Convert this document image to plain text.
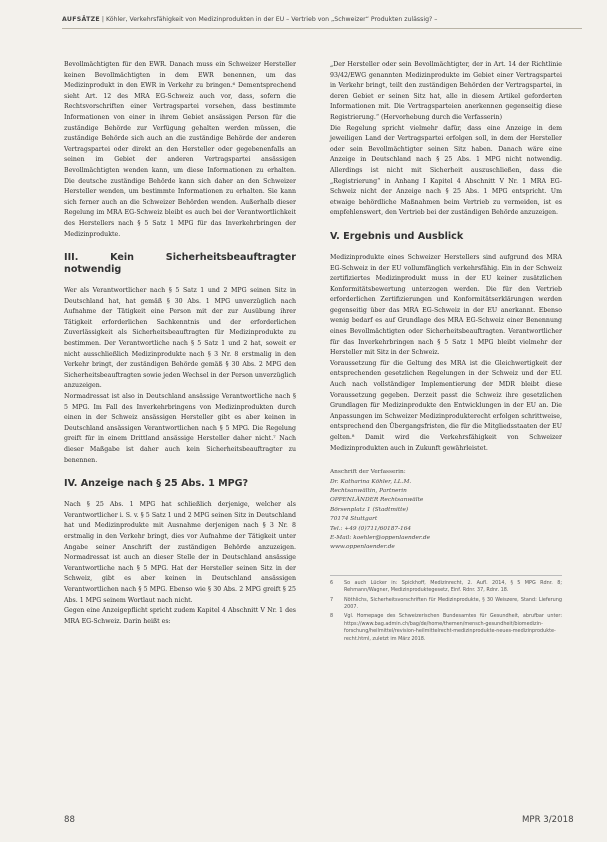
AUFSÄTZE | Köhler, Verkehrsfähigkeit von Medizinprodukten in der EU – Vertrieb von „Schweizer“ Produkten zulässig? –

Bevollmächtigten für den EWR. Danach muss ein Schweizer Hersteller keinen Bevollmächtigten in dem EWR benennen, um das Medizinprodukt in den EWR in Verkehr zu bringen.⁶ Dementsprechend sieht Art. 12 des MRA EG-Schweiz auch vor, dass, sofern die Rechtsvorschriften einer Vertragspartei vorsehen, dass bestimmte Informationen von einer in ihrem Gebiet ansässigen Person für die zuständige Behörde zur Verfügung gehalten werden müssen, die zuständige Behörde sich auch an die zuständige Behörde der anderen Vertragspartei oder direkt an den Hersteller oder gegebenenfalls an seinen im Gebiet der anderen Vertragspartei ansässigen Bevollmächtigten wenden kann, um diese Informationen zu erhalten. Die deutsche zuständige Behörde kann sich daher an den Schweizer Hersteller wenden, um bestimmte Informationen zu erhalten. Sie kann sich ferner auch an die Schweizer Behörden wenden. Außerhalb dieser Regelung im MRA EG-Schweiz bleibt es auch bei der Verantwortlichkeit des Herstellers nach § 5 Satz 1 MPG für das Inverkehrbringen der Medizinprodukte.

III. Kein Sicherheitsbeauftragter notwendig

Wer als Verantwortlicher nach § 5 Satz 1 und 2 MPG seinen Sitz in Deutschland hat, hat gemäß § 30 Abs. 1 MPG unverzüglich nach Aufnahme der Tätigkeit eine Person mit der zur Ausübung ihrer Tätigkeit erforderlichen Sachkenntnis und der erforderlichen Zuverlässigkeit als Sicherheitsbeauftragten für Medizinprodukte zu bestimmen. Der Verantwortliche nach § 5 Satz 1 und 2 hat, soweit er nicht ausschließlich Medizinprodukte nach § 3 Nr. 8 erstmalig in den Verkehr bringt, der zuständigen Behörde gemäß § 30 Abs. 2 MPG den Sicherheitsbeauftragten sowie jeden Wechsel in der Person unverzüglich anzuzeigen.

Normadressat ist also in Deutschland ansässige Verantwortliche nach § 5 MPG. Im Fall des Inverkehrbringens von Medizinprodukten durch einen in der Schweiz ansässigen Hersteller gibt es aber keinen in Deutschland ansässigen Verantwortlichen nach § 5 MPG. Die Regelung greift für in einem Drittland ansässige Hersteller daher nicht.⁷ Nach dieser Maßgabe ist daher auch kein Sicherheitsbeauftragter zu benennen.

IV. Anzeige nach § 25 Abs. 1 MPG?

Nach § 25 Abs. 1 MPG hat schließlich derjenige, welcher als Verantwortlicher i. S. v. § 5 Satz 1 und 2 MPG seinen Sitz in Deutschland hat und Medizinprodukte mit Ausnahme derjenigen nach § 3 Nr. 8 erstmalig in den Verkehr bringt, dies vor Aufnahme der Tätigkeit unter Angabe seiner Anschrift der zuständigen Behörde anzuzeigen. Normadressat ist auch an dieser Stelle der in Deutschland ansässige Verantwortliche nach § 5 MPG. Hat der Hersteller seinen Sitz in der Schweiz, gibt es aber keinen in Deutschland ansässigen Verantwortlichen nach § 5 MPG. Ebenso wie § 30 Abs. 2 MPG greift § 25 Abs. 1 MPG seinem Wortlaut nach nicht.

Gegen eine Anzeigepflicht spricht zudem Kapitel 4 Abschnitt V Nr. 1 des MRA EG-Schweiz. Darin heißt es:

„Der Hersteller oder sein Bevollmächtigter, der in Art. 14 der Richtlinie 93/42/EWG genannten Medizinprodukte im Gebiet einer Vertragspartei in Verkehr bringt, teilt den zuständigen Behörden der Vertragspartei, in deren Gebiet er seinen Sitz hat, alle in diesem Artikel geforderten Informationen mit. Die Vertragsparteien anerkennen gegenseitig diese Registrierung.“ (Hervorhebung durch die Verfasserin)

Die Regelung spricht vielmehr dafür, dass eine Anzeige in dem jeweiligen Land der Vertragspartei erfolgen soll, in dem der Hersteller oder sein Bevollmächtigter seinen Sitz haben. Danach wäre eine Anzeige in Deutschland nach § 25 Abs. 1 MPG nicht notwendig. Allerdings ist nicht mit Sicherheit auszuschließen, dass die „Registrierung“ in Anhang I Kapitel 4 Abschnitt V Nr. 1 MRA EG-Schweiz nicht der Anzeige nach § 25 Abs. 1 MPG entspricht. Um etwaige behördliche Maßnahmen beim Vertrieb zu vermeiden, ist es empfehlenswert, den Vertrieb bei der zuständigen Behörde anzuzeigen.

V. Ergebnis und Ausblick

Medizinprodukte eines Schweizer Herstellers sind aufgrund des MRA EG-Schweiz in der EU vollumfänglich verkehrsfähig. Ein in der Schweiz zertifiziertes Medizinprodukt muss in der EU keiner zusätzlichen Konformitätsbewertung unterzogen werden. Die für den Vertrieb erforderlichen Zertifizierungen und Konformitätserklärungen werden gegenseitig über das MRA EG-Schweiz in der EU anerkannt. Ebenso wenig bedarf es auf Grundlage des MRA EG-Schweiz einer Benennung eines Bevollmächtigten oder Sicherheitsbeauftragten. Verantwortlicher für das Inverkehrbringen nach § 5 Satz 1 MPG bleibt vielmehr der Hersteller mit Sitz in der Schweiz.

Voraussetzung für die Geltung des MRA ist die Gleichwertigkeit der entsprechenden gesetzlichen Regelungen in der Schweiz und der EU. Auch nach vollständiger Implementierung der MDR bleibt diese Voraussetzung gegeben. Derzeit passt die Schweiz ihre gesetzlichen Grundlagen für Medizinprodukte den Entwicklungen in der EU an. Die Anpassungen im Schweizer Medizinprodukterecht erfolgen schrittweise, entsprechend den Übergangsfristen, die für die Mitgliedsstaaten der EU gelten.⁸ Damit wird die Verkehrsfähigkeit von Schweizer Medizinprodukten auch in Zukunft gewährleistet.

Anschrift der Verfasserin:
Dr. Katharina Köhler, LL.M.
Rechtsanwältin, Partnerin
OPPENLÄNDER Rechtsanwälte
Börsenplatz 1 (Stadtmitte)
70174 Stuttgart
Tel.: +49 (0)711/60187-164
E-Mail: koehler@oppenlaender.de
www.oppenlaender.de
6	So auch Lücker in: Spickhoff, Medizinrecht, 2. Aufl. 2014, § 5 MPG Rdnr. 8; Rehmann/Wagner, Medizinproduktegesetz, Einf. Rdnr. 37, Rdnr. 18.
7	Nöthlichs, Sicherheitsvorschriften für Medizinprodukte, § 30 Weiszere, Stand: Lieferung 2007.
8	Vgl. Homepage des Schweizerischen Bundesamtes für Gesundheit, abrufbar unter: https://www.bag.admin.ch/bag/de/home/themen/mensch-gesundheit/biomedizin-forschung/heilmittel/revision-heilmittelrecht-medizinprodukte-neues-medizinprodukte-recht.html, zuletzt im März 2018.
88	MPR 3/2018
